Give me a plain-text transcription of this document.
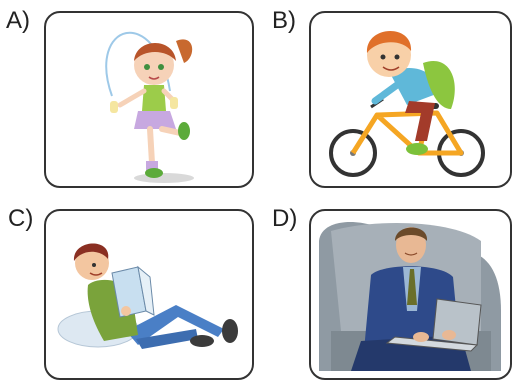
A)	B)
C)	D)
